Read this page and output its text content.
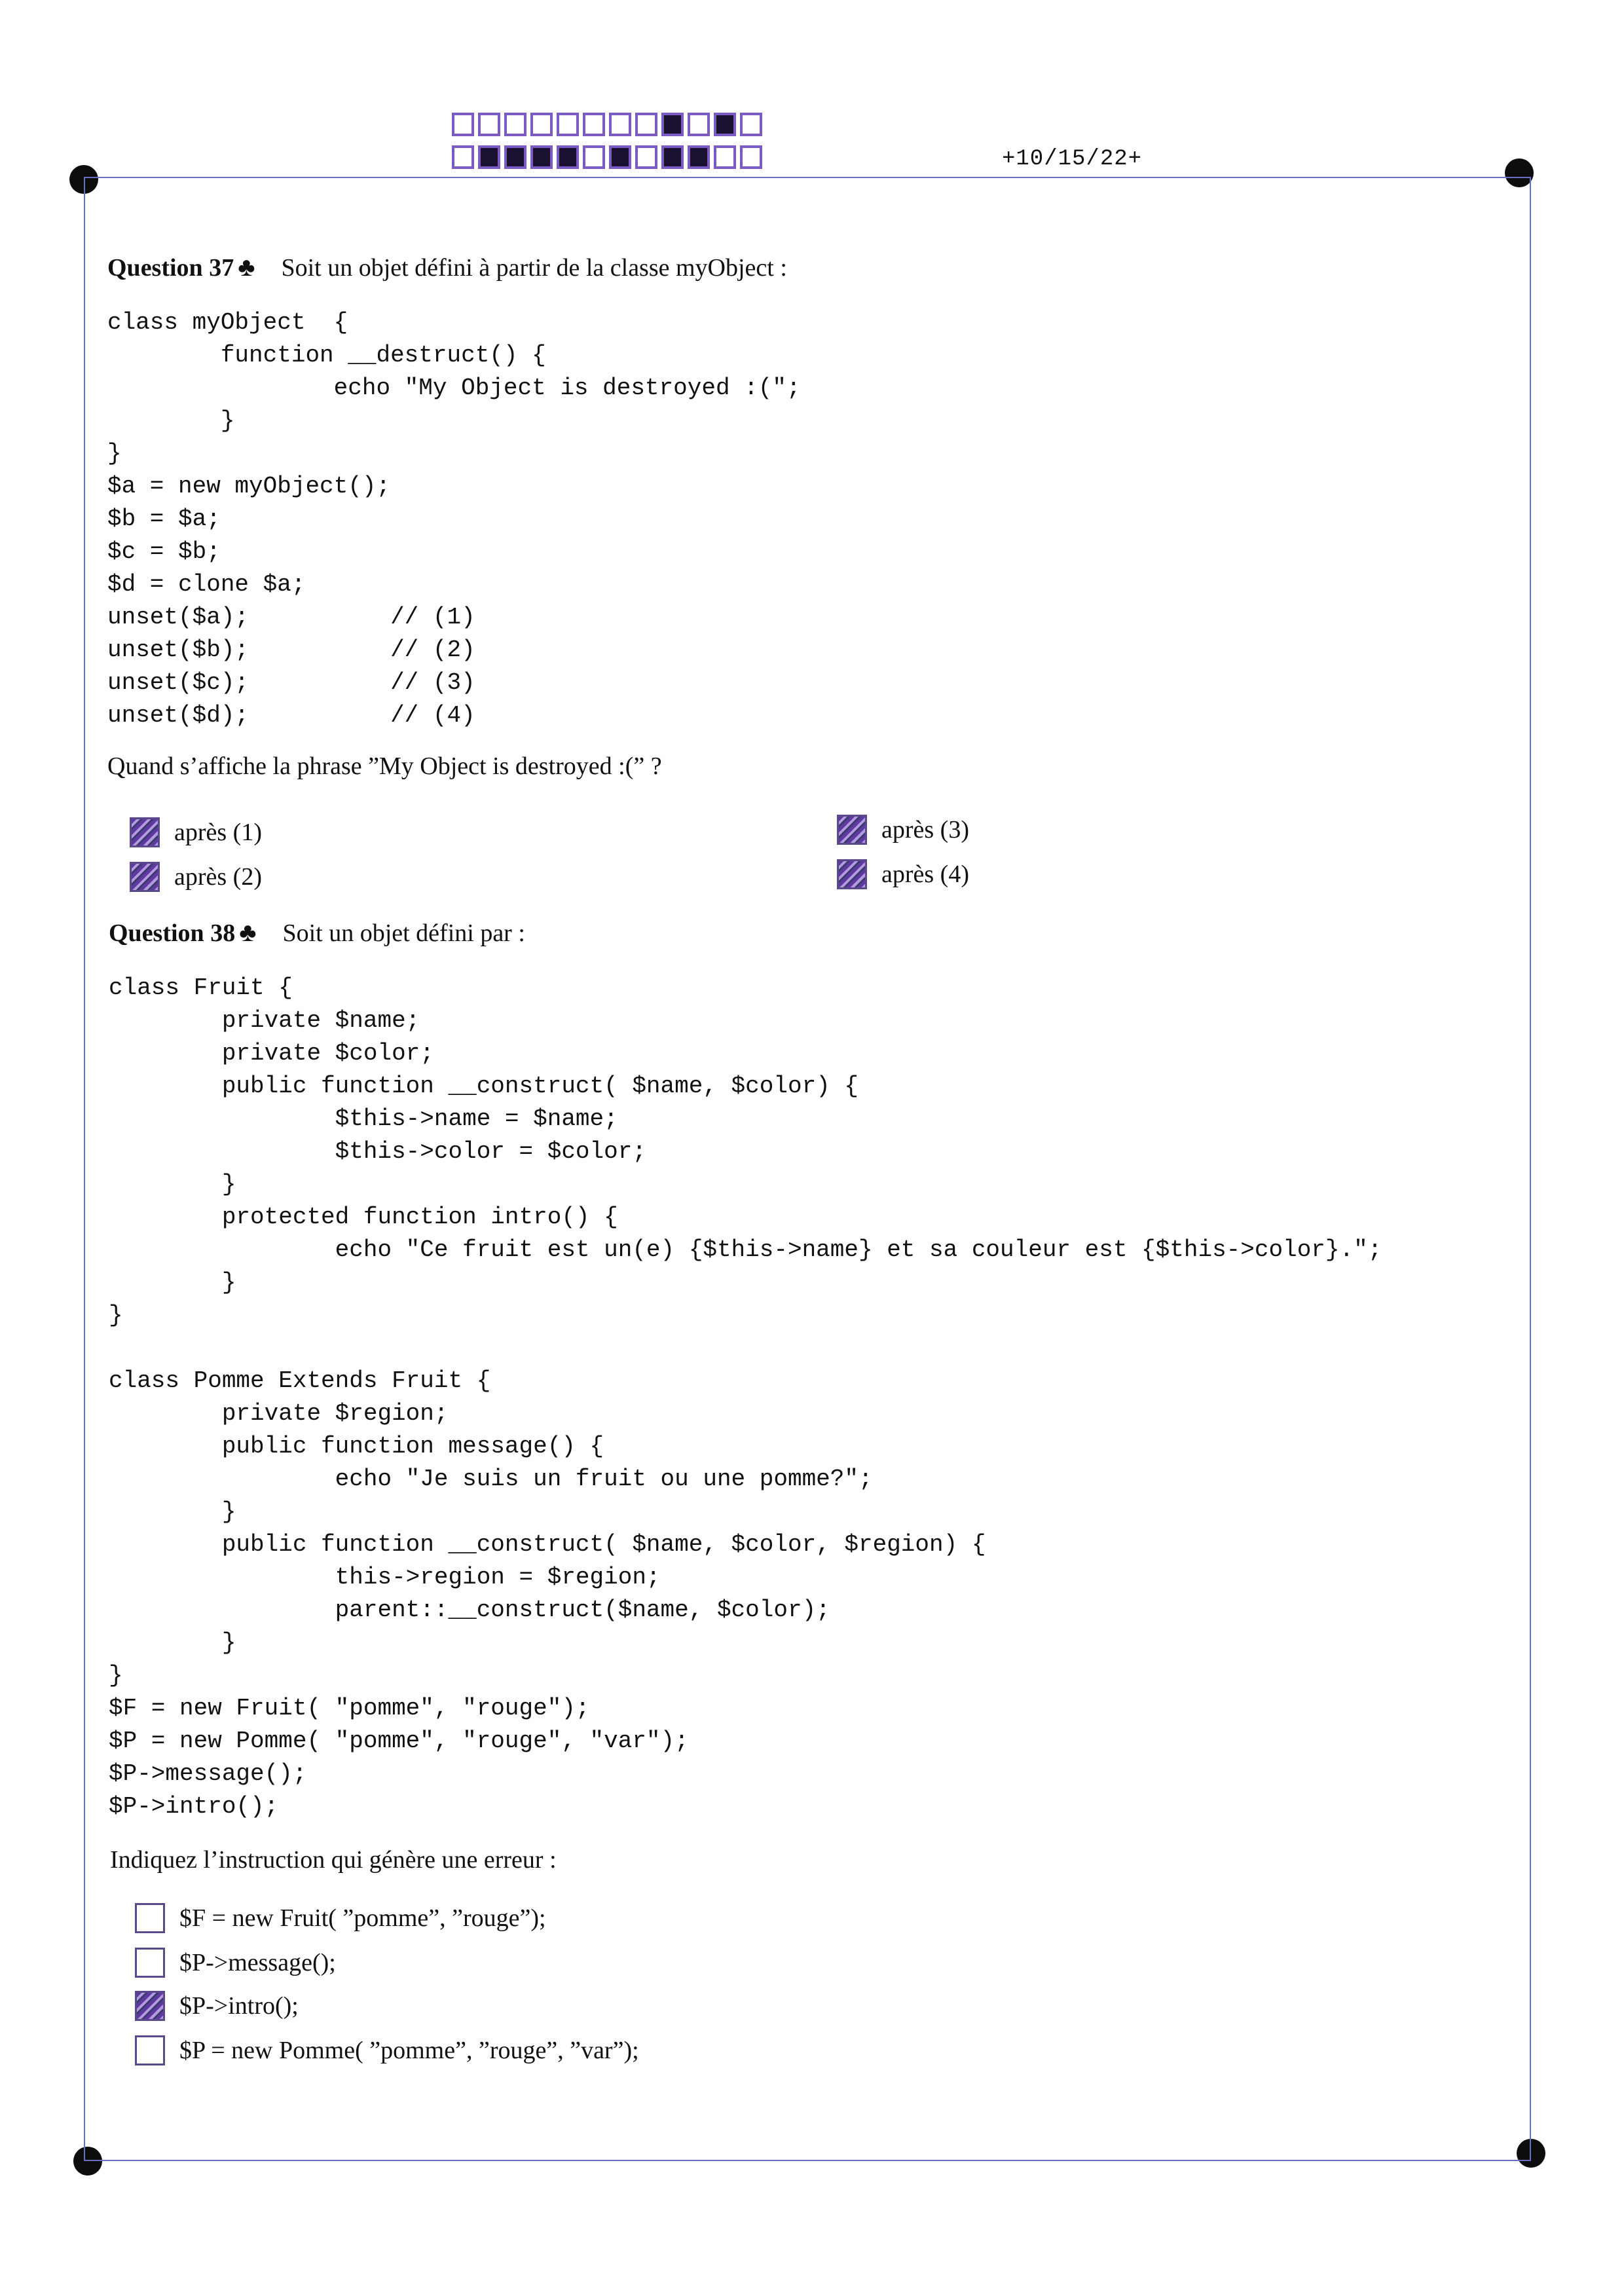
+10/15/22+
Question 37 ♣ Soit un objet défini à partir de la classe myObject :
class myObject  {
function __destruct() {
echo "My Object is destroyed :(";
}
}
$a = new myObject();
$b = $a;
$c = $b;
$d = clone $a;
unset($a);          // (1)
unset($b);          // (2)
unset($c);          // (3)
unset($d);          // (4)
Quand s’affiche la phrase ”My Object is destroyed :(” ?
après (1)
après (2)
après (3)
après (4)
Question 38 ♣ Soit un objet défini par :
class Fruit {
private $name;
private $color;
public function __construct( $name, $color) {
$this->name = $name;
$this->color = $color;
}
protected function intro() {
echo "Ce fruit est un(e) {$this->name} et sa couleur est {$this->color}.";
}
}

class Pomme Extends Fruit {
private $region;
public function message() {
echo "Je suis un fruit ou une pomme?";
}
public function __construct( $name, $color, $region) {
this->region = $region;
parent::__construct($name, $color);
}
}
$F = new Fruit( "pomme", "rouge");
$P = new Pomme( "pomme", "rouge", "var");
$P->message();
$P->intro();
Indiquez l’instruction qui génère une erreur :
$F = new Fruit( ”pomme”, ”rouge”);
$P->message();
$P->intro();
$P = new Pomme( ”pomme”, ”rouge”, ”var”);
